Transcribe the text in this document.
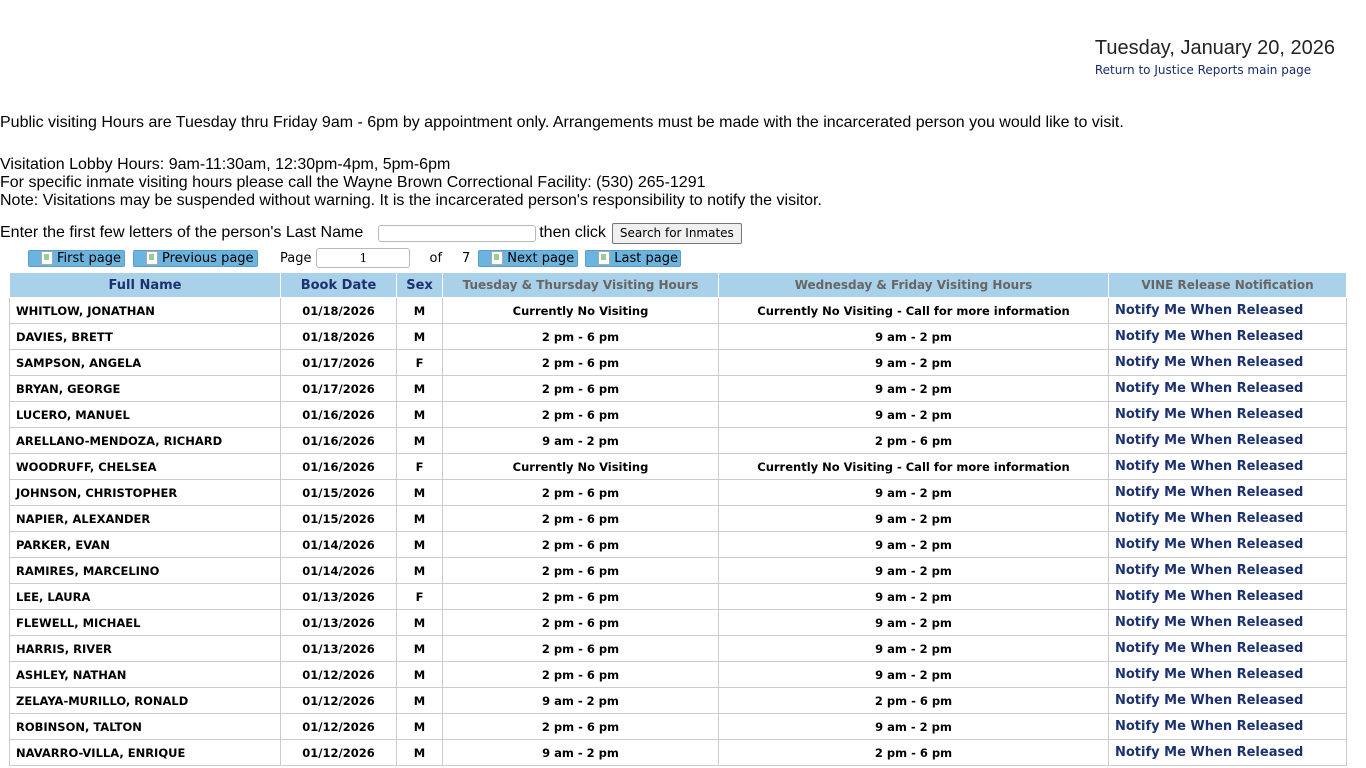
Tuesday, January 20, 2026
Return to Justice Reports main page

Public visiting Hours are Tuesday thru Friday 9am - 6pm by appointment only. Arrangements must be made with the incarcerated person you would like to visit.

Visitation Lobby Hours: 9am-11:30am, 12:30pm-4pm, 5pm-6pm

For specific inmate visiting hours please call the Wayne Brown Correctional Facility: (530) 265-1291

Note: Visitations may be suspended without warning. It is the incarcerated person's responsibility to notify the visitor.

Enter the first few letters of the person's Last Name	then click	Search for Inmates
First page	Previous page Page
1	of 7	Next page	Last page
Full Name	Book Date	Sex	Tuesday & Thursday Visiting Hours	Wednesday & Friday Visiting Hours	VINE Release Notification
WHITLOW, JONATHAN	01/18/2026	M	Currently No Visiting	Currently No Visiting - Call for more information	Notify Me When Released
DAVIES, BRETT	01/18/2026	M	2 pm - 6 pm	9 am - 2 pm	Notify Me When Released
SAMPSON, ANGELA	01/17/2026	F	2 pm - 6 pm	9 am - 2 pm	Notify Me When Released
BRYAN, GEORGE	01/17/2026	M	2 pm - 6 pm	9 am - 2 pm	Notify Me When Released
LUCERO, MANUEL	01/16/2026	M	2 pm - 6 pm	9 am - 2 pm	Notify Me When Released
ARELLANO-MENDOZA, RICHARD	01/16/2026	M	9 am - 2 pm	2 pm - 6 pm	Notify Me When Released
WOODRUFF, CHELSEA	01/16/2026	F	Currently No Visiting	Currently No Visiting - Call for more information	Notify Me When Released
JOHNSON, CHRISTOPHER	01/15/2026	M	2 pm - 6 pm	9 am - 2 pm	Notify Me When Released
NAPIER, ALEXANDER	01/15/2026	M	2 pm - 6 pm	9 am - 2 pm	Notify Me When Released
PARKER, EVAN	01/14/2026	M	2 pm - 6 pm	9 am - 2 pm	Notify Me When Released
RAMIRES, MARCELINO	01/14/2026	M	2 pm - 6 pm	9 am - 2 pm	Notify Me When Released
LEE, LAURA	01/13/2026	F	2 pm - 6 pm	9 am - 2 pm	Notify Me When Released
FLEWELL, MICHAEL	01/13/2026	M	2 pm - 6 pm	9 am - 2 pm	Notify Me When Released
HARRIS, RIVER	01/13/2026	M	2 pm - 6 pm	9 am - 2 pm	Notify Me When Released
ASHLEY, NATHAN	01/12/2026	M	2 pm - 6 pm	9 am - 2 pm	Notify Me When Released
ZELAYA-MURILLO, RONALD	01/12/2026	M	9 am - 2 pm	2 pm - 6 pm	Notify Me When Released
ROBINSON, TALTON	01/12/2026	M	2 pm - 6 pm	9 am - 2 pm	Notify Me When Released
NAVARRO-VILLA, ENRIQUE	01/12/2026	M	9 am - 2 pm	2 pm - 6 pm	Notify Me When Released
